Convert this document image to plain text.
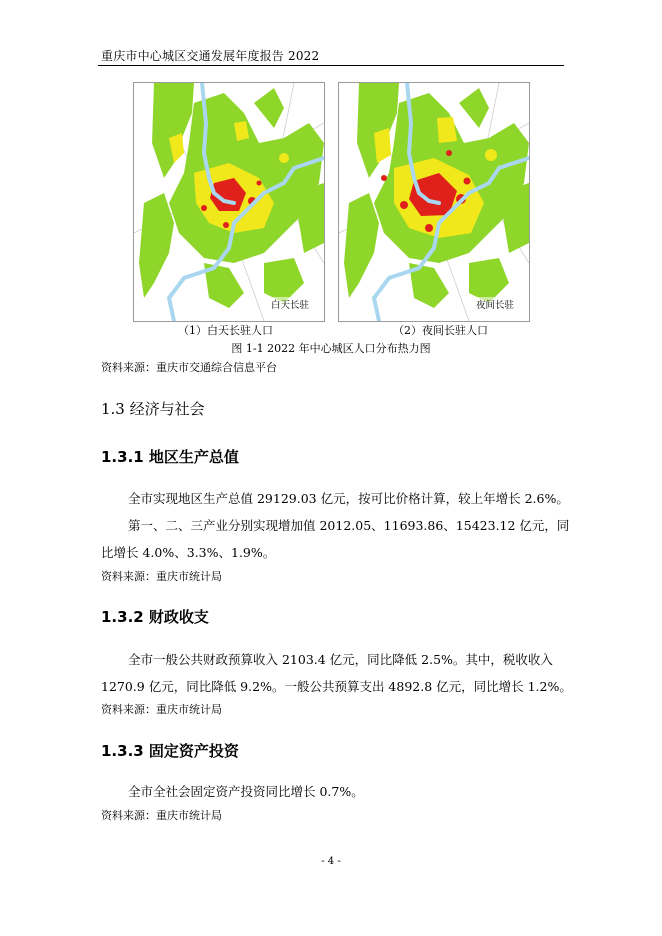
重庆市中心城区交通发展年度报告 2022
白天长驻	夜间长驻
（1）白天长驻人口	（2）夜间长驻人口
图 1-1 2022 年中心城区人口分布热力图
资料来源：重庆市交通综合信息平台
1.3 经济与社会
1.3.1 地区生产总值
全市实现地区生产总值 29129.03 亿元，按可比价格计算，较上年增长 2.6%。
第一、二、三产业分别实现增加值 2012.05、11693.86、15423.12 亿元，同
比增长 4.0%、3.3%、1.9%。
资料来源：重庆市统计局
1.3.2 财政收支
全市一般公共财政预算收入 2103.4 亿元，同比降低 2.5%。其中，税收收入
1270.9 亿元，同比降低 9.2%。一般公共预算支出 4892.8 亿元，同比增长 1.2%。
资料来源：重庆市统计局
1.3.3 固定资产投资
全市全社会固定资产投资同比增长 0.7%。
资料来源：重庆市统计局
- 4 -
